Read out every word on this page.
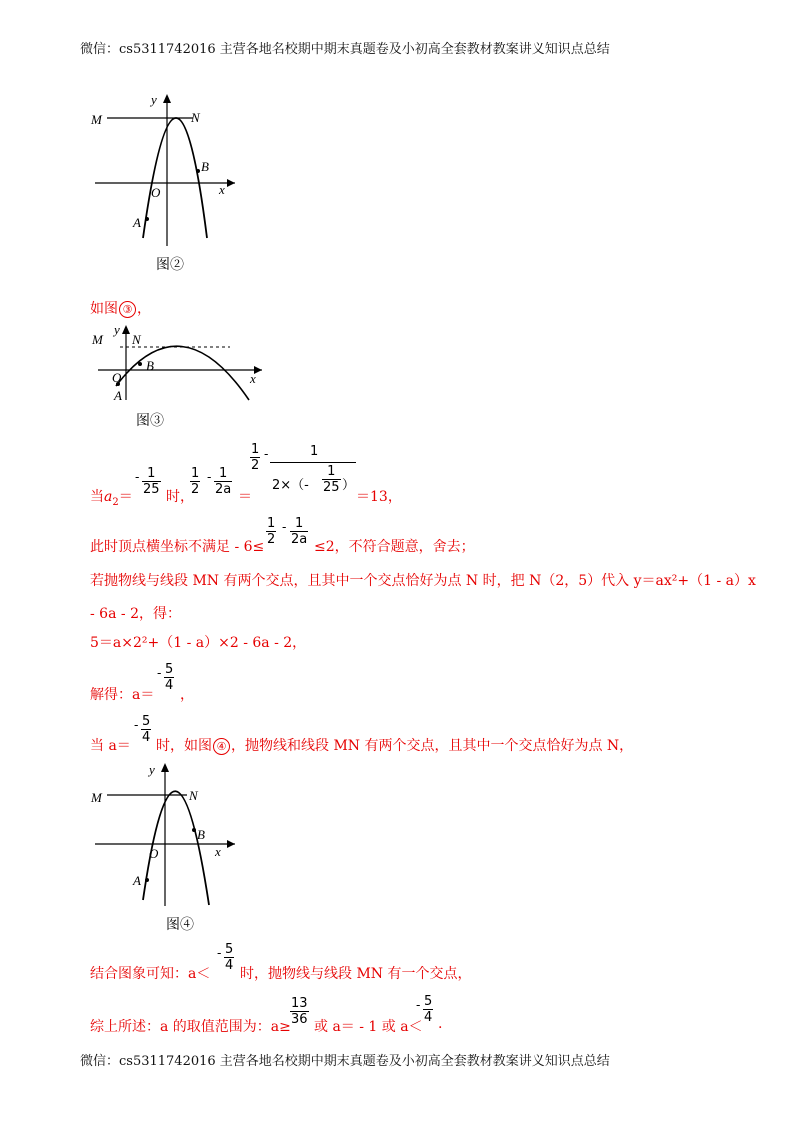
微信：cs5311742016 主营各地名校期中期末真题卷及小初高全套教材教案讲义知识点总结
M	N
O
A
B
x
y
图②
如图 ③ ，
M N
O
A
B
x
y
图③
当$a_2=$
- $\frac{1}{25}$ 时，
$\frac{1}{2} - \frac{1}{2a}$ ＝
$\frac{1}{2}$ -	1
$2\times(- \frac{1}{25}$ ）
＝13，
此时顶点横坐标不满足 - $6\le \frac{1}{2} - \frac{1}{2a} \le 2$，不符合题意，舍去；
若抛物线与线段 MN 有两个交点，且其中一个交点恰好为点 N 时，把 N（2，5）代入 y＝ax²+（1 - a）x
- 6a - 2，得：
5＝a×2²+（1 - a）×2 - 6a - 2，
解得：a＝
- $\frac{5}{4}$
，
当 a＝
- $\frac{5}{4}$
时，如图 ④ ，抛物线和线段 MN 有两个交点，且其中一个交点恰好为点 N，
M	N
O
A
B
x
y
图④
结合图象可知：a＜
- $\frac{5}{4}$
时，抛物线与线段 MN 有一个交点，
综上所述：a 的取值范围为：$a\ge \frac{13}{36}$ 或 a＝ - 1 或 a＜
- $\frac{5}{4}$ .
微信：cs5311742016 主营各地名校期中期末真题卷及小初高全套教材教案讲义知识点总结
